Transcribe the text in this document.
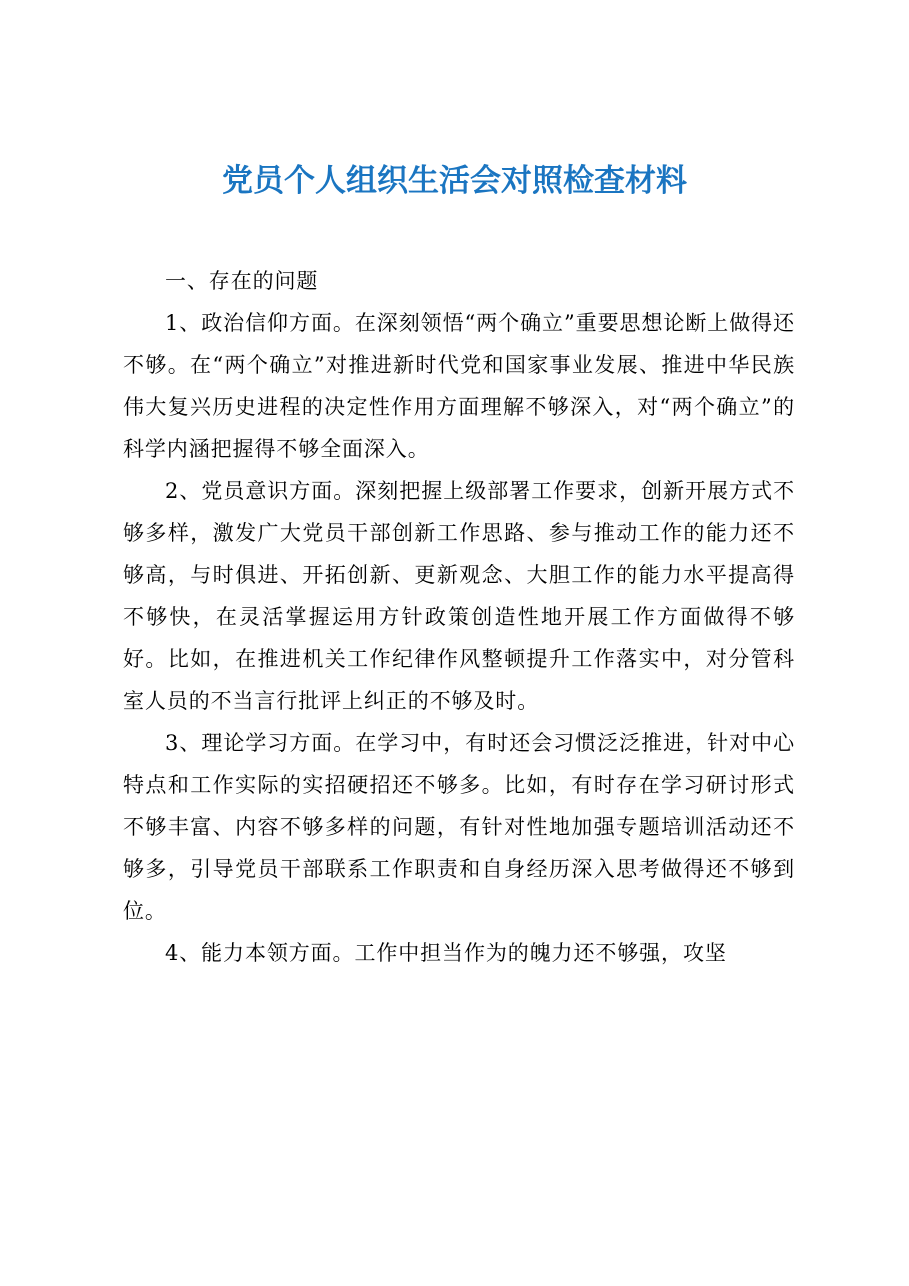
党员个人组织生活会对照检查材料

一、存在的问题

1、政治信仰方面。在深刻领悟“两个确立”重要思想论断上做得还不够。在“两个确立”对推进新时代党和国家事业发展、推进中华民族伟大复兴历史进程的决定性作用方面理解不够深入，对“两个确立”的科学内涵把握得不够全面深入。

2、党员意识方面。深刻把握上级部署工作要求，创新开展方式不够多样，激发广大党员干部创新工作思路、参与推动工作的能力还不够高，与时俱进、开拓创新、更新观念、大胆工作的能力水平提高得不够快，在灵活掌握运用方针政策创造性地开展工作方面做得不够好。比如，在推进机关工作纪律作风整顿提升工作落实中，对分管科室人员的不当言行批评上纠正的不够及时。

3、理论学习方面。在学习中，有时还会习惯泛泛推进，针对中心特点和工作实际的实招硬招还不够多。比如，有时存在学习研讨形式不够丰富、内容不够多样的问题，有针对性地加强专题培训活动还不够多，引导党员干部联系工作职责和自身经历深入思考做得还不够到位。

4、能力本领方面。工作中担当作为的魄力还不够强，攻坚
